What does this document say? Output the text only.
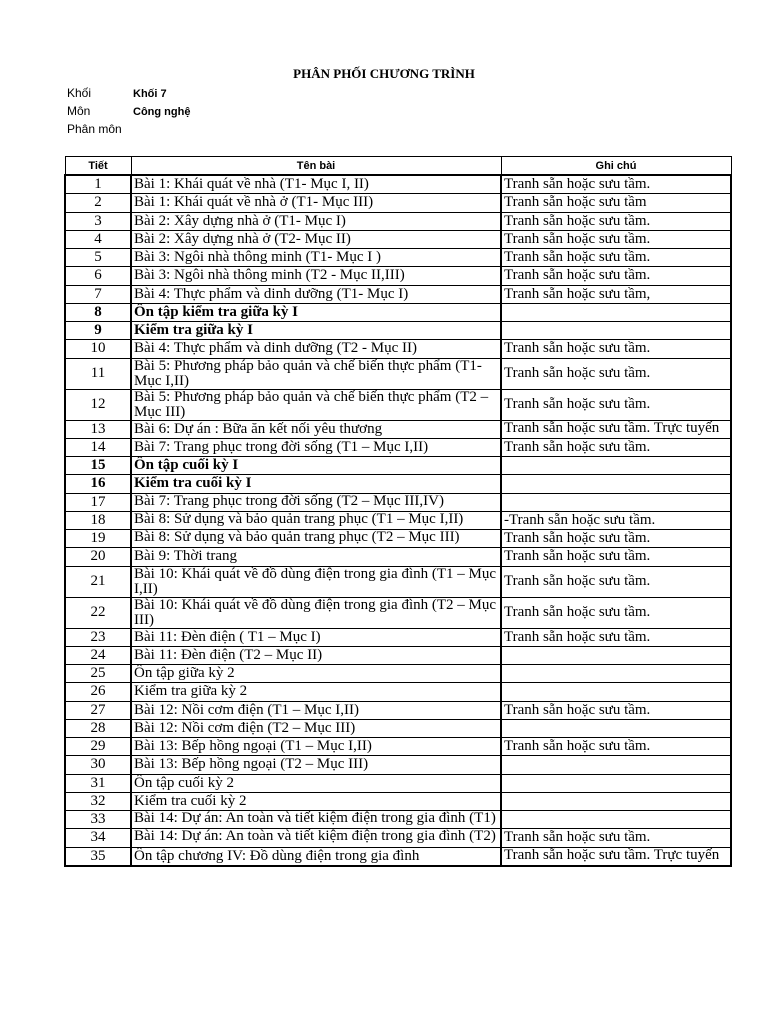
PHÂN PHỐI CHƯƠNG TRÌNH
Khối	Khối 7
Môn	Công nghệ
Phân môn
Tiết	Tên bài	Ghi chú
1	Bài 1: Khái quát về nhà (T1- Mục I, II)	Tranh sẵn hoặc sưu tầm.
2	Bài 1: Khái quát về nhà ở (T1- Mục III)	Tranh sẵn hoặc sưu tầm
3	Bài 2: Xây dựng nhà ở (T1- Mục I)	Tranh sẵn hoặc sưu tầm.
4	Bài 2: Xây dựng nhà ở (T2- Mục II)	Tranh sẵn hoặc sưu tầm.
5	Bài 3: Ngôi nhà thông minh (T1- Mục I )	Tranh sẵn hoặc sưu tầm.
6	Bài 3: Ngôi nhà thông minh (T2 - Mục II,III)	Tranh sẵn hoặc sưu tầm.
7	Bài 4: Thực phẩm và dinh dưỡng (T1- Mục I)	Tranh sẵn hoặc sưu tầm,
8	Ôn tập kiểm tra giữa kỳ I	
9	Kiểm tra giữa kỳ I	
10	Bài 4: Thực phẩm và dinh dưỡng (T2 - Mục II)	Tranh sẵn hoặc sưu tầm.
11	Bài 5: Phương pháp bảo quản và chế biến thực phẩm (T1- Mục I,II)	Tranh sẵn hoặc sưu tầm.
12	Bài 5: Phương pháp bảo quản và chế biến thực phẩm (T2 – Mục III)	Tranh sẵn hoặc sưu tầm.
13	Bài 6: Dự án : Bữa ăn kết nối yêu thương	Tranh sẵn hoặc sưu tầm. Trực tuyến
14	Bài 7: Trang phục trong đời sống (T1 – Mục I,II)	Tranh sẵn hoặc sưu tầm.
15	Ôn tập cuối kỳ I	
16	Kiểm tra cuối kỳ I	
17	Bài 7: Trang phục trong đời sống (T2 – Mục III,IV)	
18	Bài 8: Sử dụng và bảo quản trang phục (T1 – Mục I,II)	-Tranh sẵn hoặc sưu tầm.
19	Bài 8: Sử dụng và bảo quản trang phục (T2 – Mục III)	Tranh sẵn hoặc sưu tầm.
20	Bài 9: Thời trang	Tranh sẵn hoặc sưu tầm.
21	Bài 10: Khái quát về đồ dùng điện trong gia đình (T1 – Mục I,II)	Tranh sẵn hoặc sưu tầm.
22	Bài 10: Khái quát về đồ dùng điện trong gia đình (T2 – Mục III)	Tranh sẵn hoặc sưu tầm.
23	Bài 11: Đèn điện ( T1 – Mục I)	Tranh sẵn hoặc sưu tầm.
24	Bài 11: Đèn điện (T2 – Mục II)	
25	Ôn tập giữa kỳ 2	
26	Kiểm tra giữa kỳ 2	
27	Bài 12: Nồi cơm điện (T1 – Mục I,II)	Tranh sẵn hoặc sưu tầm.
28	Bài 12: Nồi cơm điện (T2 – Mục III)	
29	Bài 13: Bếp hồng ngoại (T1 – Mục I,II)	Tranh sẵn hoặc sưu tầm.
30	Bài 13: Bếp hồng ngoại (T2 – Mục III)	
31	Ôn tập cuối kỳ 2	
32	Kiểm tra cuối kỳ 2	
33	Bài 14: Dự án: An toàn và tiết kiệm điện trong gia đình (T1)	
34	Bài 14: Dự án: An toàn và tiết kiệm điện trong gia đình (T2)	Tranh sẵn hoặc sưu tầm.
35	Ôn tập chương IV: Đồ dùng điện trong gia đình	Tranh sẵn hoặc sưu tầm. Trực tuyến
